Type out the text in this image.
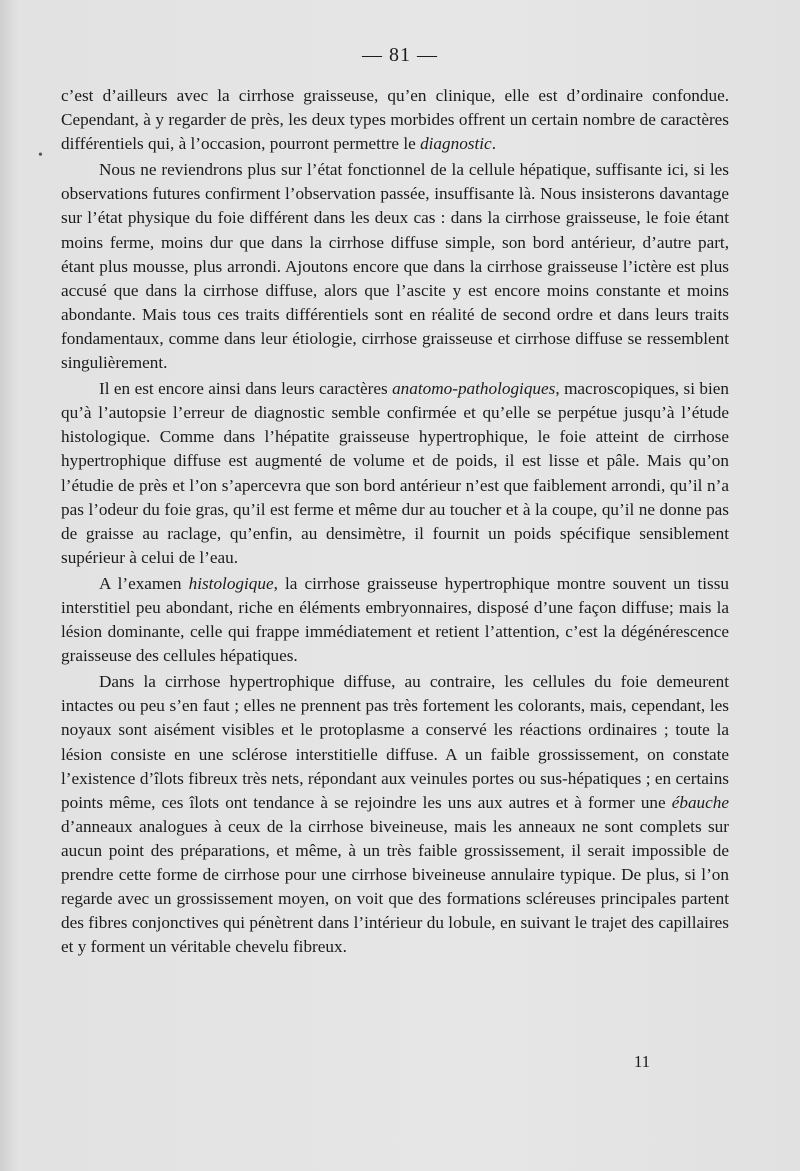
— 81 —
•

c’est d’ailleurs avec la cirrhose graisseuse, qu’en clinique, elle est d’ordinaire confondue. Cependant, à y regarder de près, les deux types morbides offrent un certain nombre de caractères différentiels qui, à l’occasion, pourront permettre le diagnostic.

Nous ne reviendrons plus sur l’état fonctionnel de la cellule hépatique, suffisante ici, si les observations futures confirment l’observation passée, insuffisante là. Nous insisterons davantage sur l’état physique du foie différent dans les deux cas : dans la cirrhose graisseuse, le foie étant moins ferme, moins dur que dans la cirrhose diffuse simple, son bord antérieur, d’autre part, étant plus mousse, plus arrondi. Ajoutons encore que dans la cirrhose graisseuse l’ictère est plus accusé que dans la cirrhose diffuse, alors que l’ascite y est encore moins constante et moins abondante. Mais tous ces traits différentiels sont en réalité de second ordre et dans leurs traits fondamentaux, comme dans leur étiologie, cirrhose graisseuse et cirrhose diffuse se ressemblent singulièrement.

Il en est encore ainsi dans leurs caractères anatomo-pathologiques, macroscopiques, si bien qu’à l’autopsie l’erreur de diagnostic semble confirmée et qu’elle se perpétue jusqu’à l’étude histologique. Comme dans l’hépatite graisseuse hypertrophique, le foie atteint de cirrhose hypertrophique diffuse est augmenté de volume et de poids, il est lisse et pâle. Mais qu’on l’étudie de près et l’on s’apercevra que son bord antérieur n’est que faiblement arrondi, qu’il n’a pas l’odeur du foie gras, qu’il est ferme et même dur au toucher et à la coupe, qu’il ne donne pas de graisse au raclage, qu’enfin, au densimètre, il fournit un poids spécifique sensiblement supérieur à celui de l’eau.

A l’examen histologique, la cirrhose graisseuse hypertrophique montre souvent un tissu interstitiel peu abondant, riche en éléments embryonnaires, disposé d’une façon diffuse; mais la lésion dominante, celle qui frappe immédiatement et retient l’attention, c’est la dégénérescence graisseuse des cellules hépatiques.

Dans la cirrhose hypertrophique diffuse, au contraire, les cellules du foie demeurent intactes ou peu s’en faut ; elles ne prennent pas très fortement les colorants, mais, cependant, les noyaux sont aisément visibles et le protoplasme a conservé les réactions ordinaires ; toute la lésion consiste en une sclérose interstitielle diffuse. A un faible grossissement, on constate l’existence d’îlots fibreux très nets, répondant aux veinules portes ou sus-hépatiques ; en certains points même, ces îlots ont tendance à se rejoindre les uns aux autres et à former une ébauche d’anneaux analogues à ceux de la cirrhose biveineuse, mais les anneaux ne sont complets sur aucun point des préparations, et même, à un très faible grossissement, il serait impossible de prendre cette forme de cirrhose pour une cirrhose biveineuse annulaire typique. De plus, si l’on regarde avec un grossissement moyen, on voit que des formations scléreuses principales partent des fibres conjonctives qui pénètrent dans l’intérieur du lobule, en suivant le trajet des capillaires et y forment un véritable chevelu fibreux.

11
